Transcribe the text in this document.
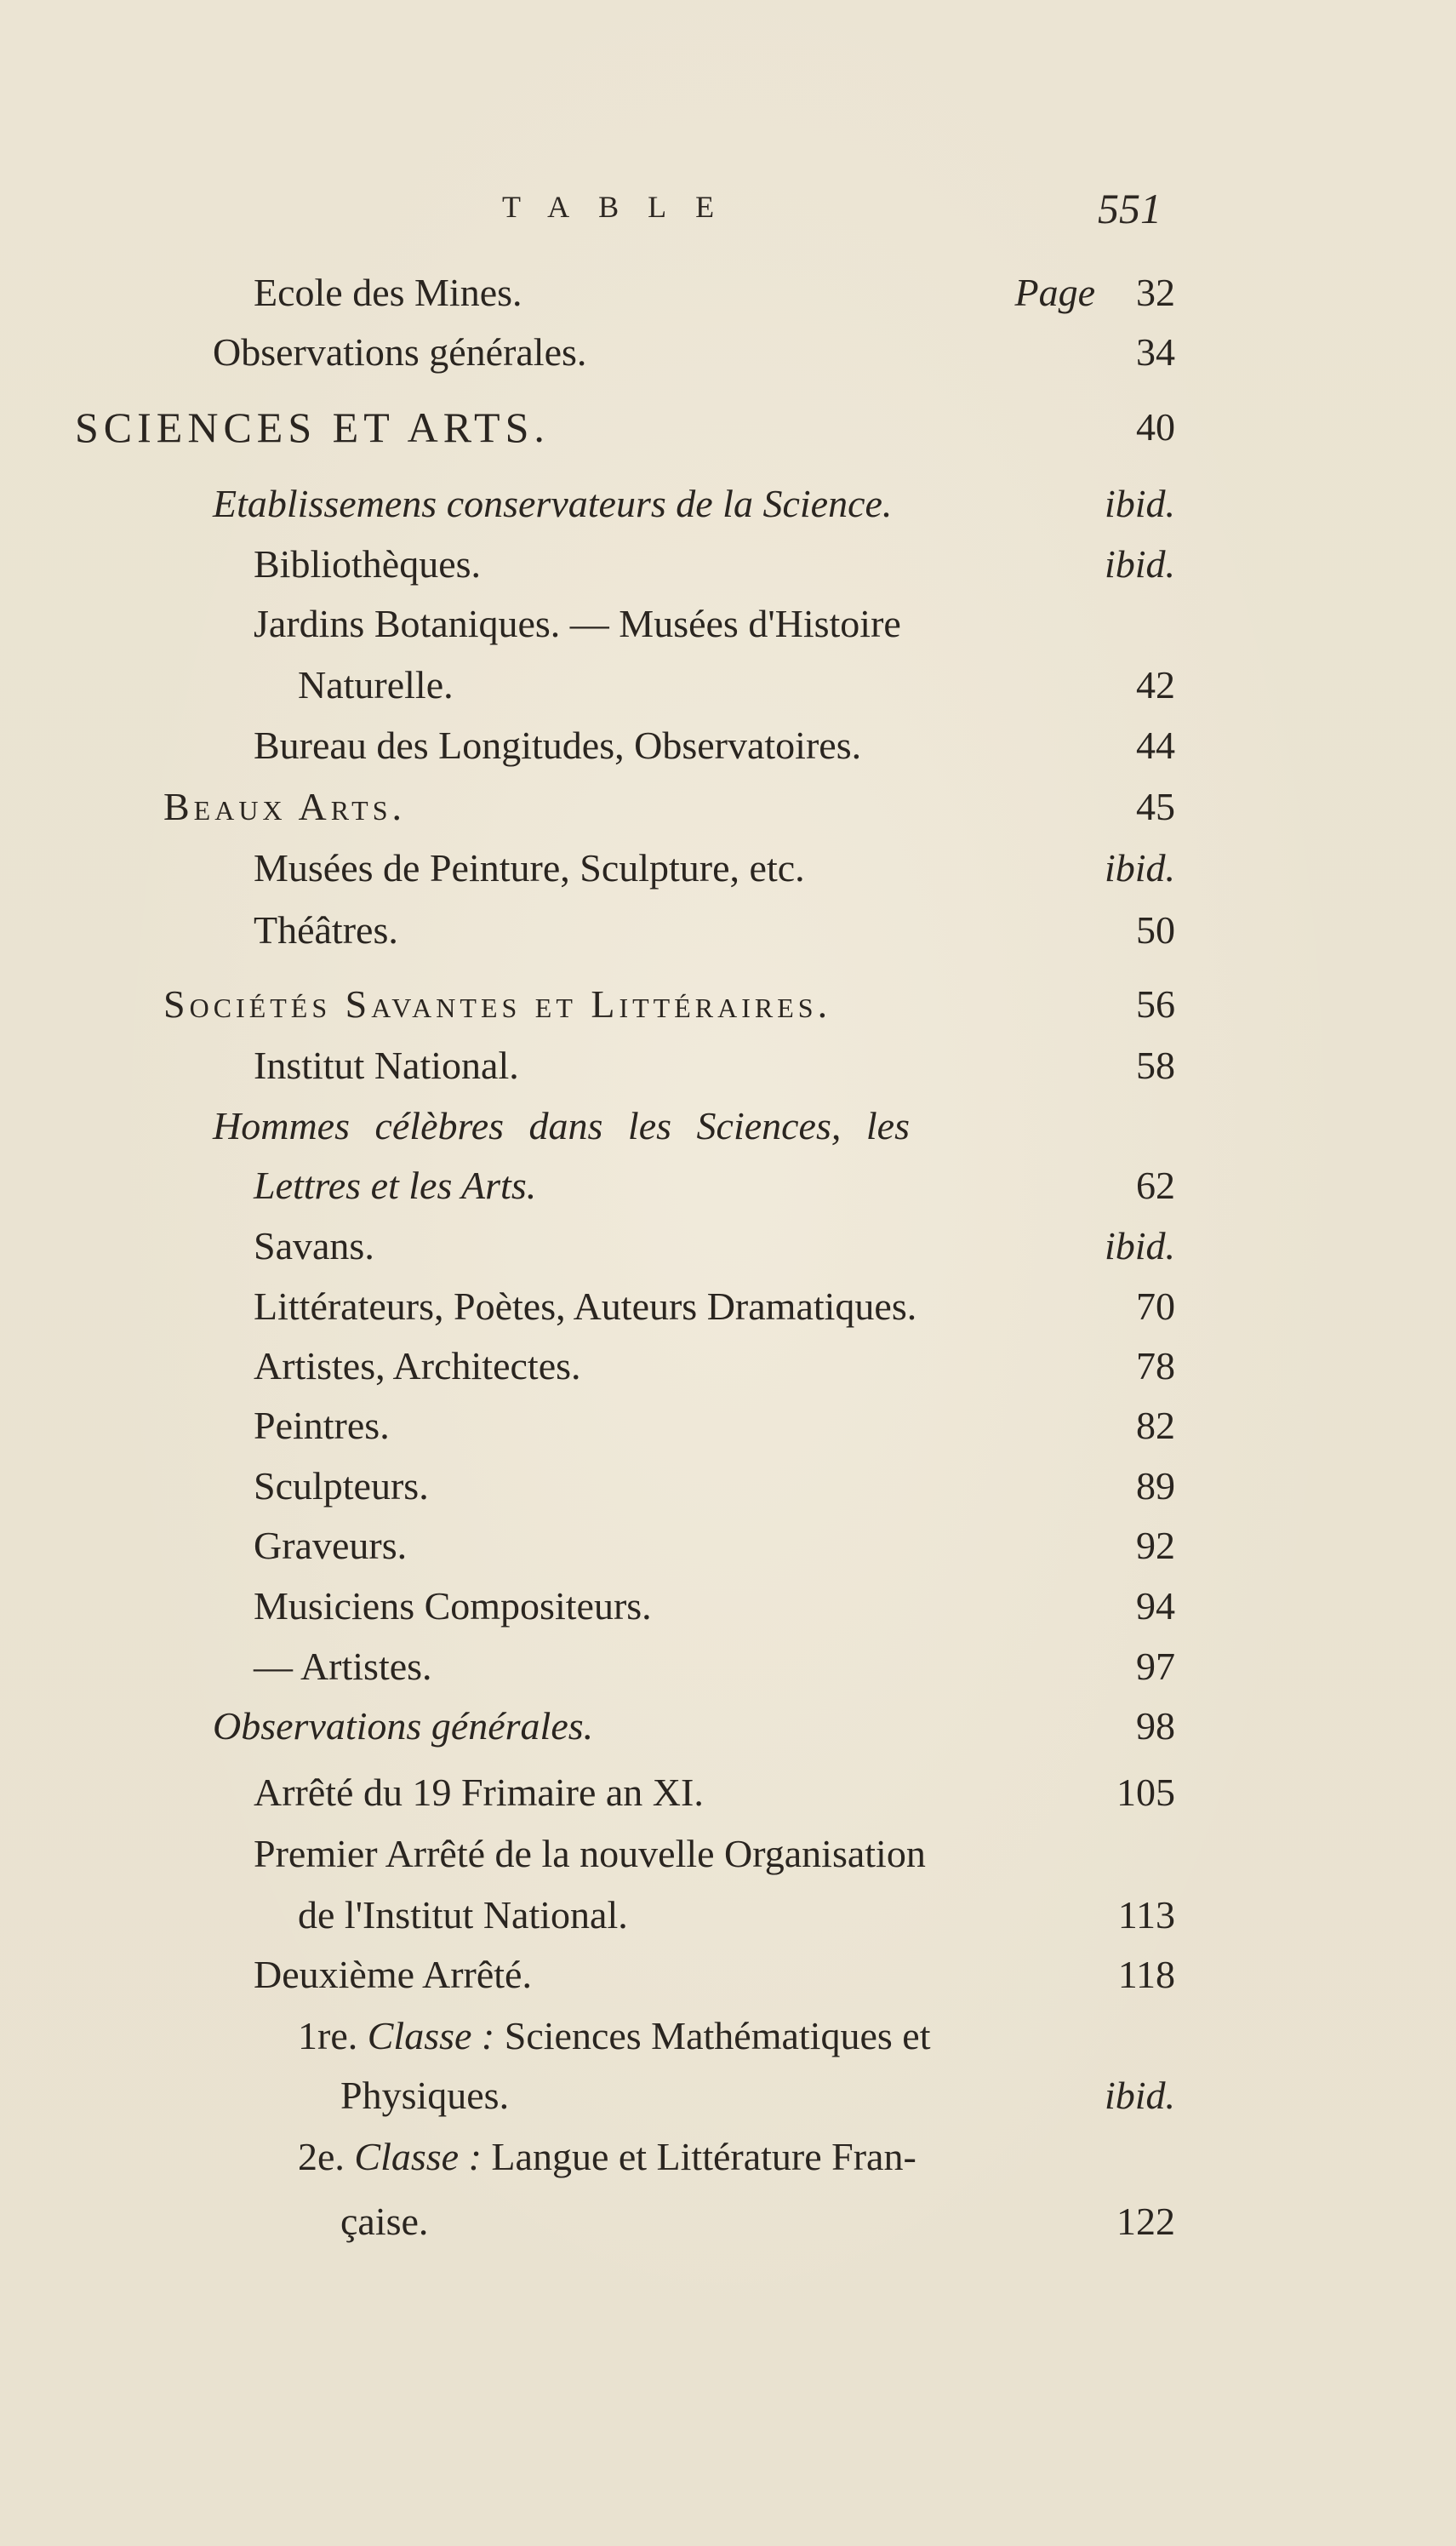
TABLE	551
Ecole des Mines.	Page 32
Observations générales.	34
SCIENCES ET ARTS.	40
Etablissemens conservateurs de la Science.	ibid.
Bibliothèques.	ibid.
Jardins Botaniques. — Musées d'Histoire
Naturelle.	42
Bureau des Longitudes, Observatoires.	44
Beaux Arts.	45
Musées de Peinture, Sculpture, etc.	ibid.
Théâtres.	50
Sociétés Savantes et Littéraires.	56
Institut National.	58
Hommes célèbres dans les Sciences, les
Lettres et les Arts.	62
Savans.	ibid.
Littérateurs, Poètes, Auteurs Dramatiques.	70
Artistes, Architectes.	78
Peintres.	82
Sculpteurs.	89
Graveurs.	92
Musiciens Compositeurs.	94
— Artistes.	97
Observations générales.	98
Arrêté du 19 Frimaire an XI.	105
Premier Arrêté de la nouvelle Organisation
de l'Institut National.	113
Deuxième Arrêté.	118
1re. Classe : Sciences Mathématiques et
Physiques.	ibid.
2e. Classe : Langue et Littérature Fran-
çaise.	122
